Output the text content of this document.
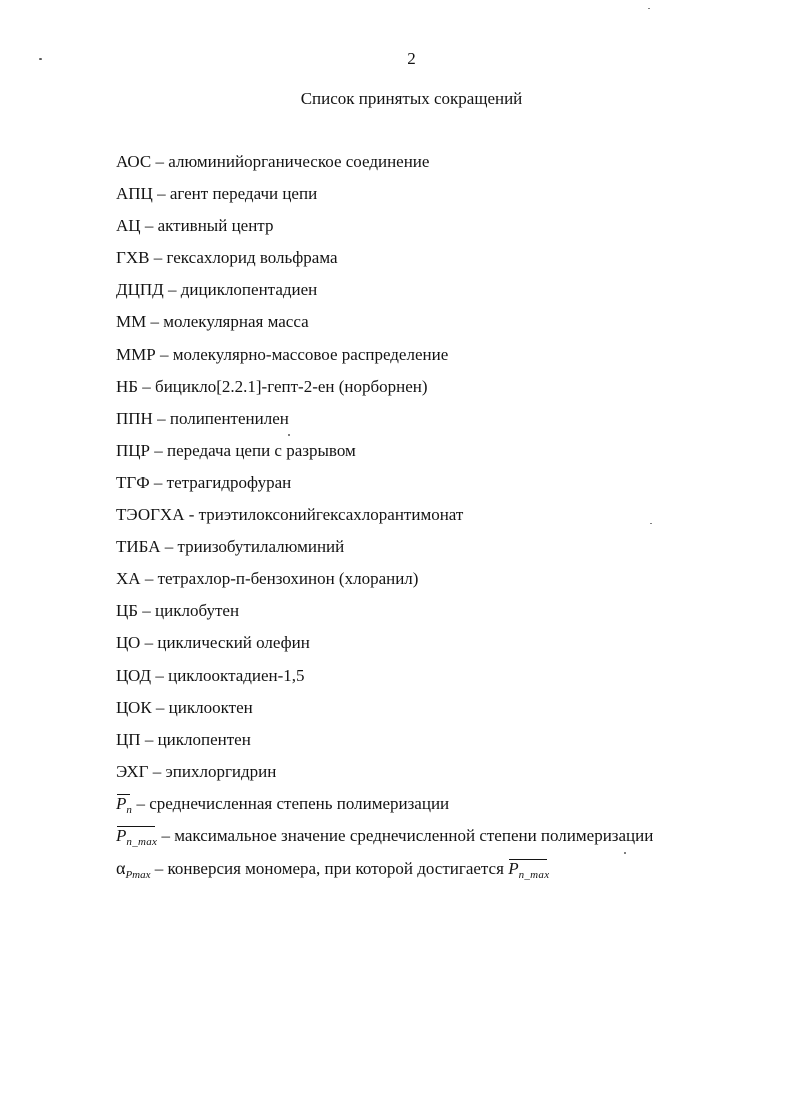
2
Список принятых сокращений
АОС – алюминийорганическое соединение
АПЦ – агент передачи цепи
АЦ – активный центр
ГХВ – гексахлорид вольфрама
ДЦПД – дициклопентадиен
ММ – молекулярная масса
ММР – молекулярно-массовое распределение
НБ – бицикло[2.2.1]-гепт-2-ен (норборнен)
ППН – полипентенилен
ПЦР – передача цепи с разрывом
ТГФ – тетрагидрофуран
ТЭОГХА - триэтилоксонийгексахлорантимонат
ТИБА – триизобутилалюминий
ХА – тетрахлор-п-бензохинон (хлоранил)
ЦБ – циклобутен
ЦО – циклический олефин
ЦОД – циклооктадиен-1,5
ЦОК – циклооктен
ЦП – циклопентен
ЭХГ – эпихлоргидрин
$P_n$ – среднечисленная степень полимеризации
$P_{n\_max}$ – максимальное значение среднечисленной степени полимеризации
$\alpha_{Pmax}$ – конверсия мономера, при которой достигается
$P_{n\_max}$
